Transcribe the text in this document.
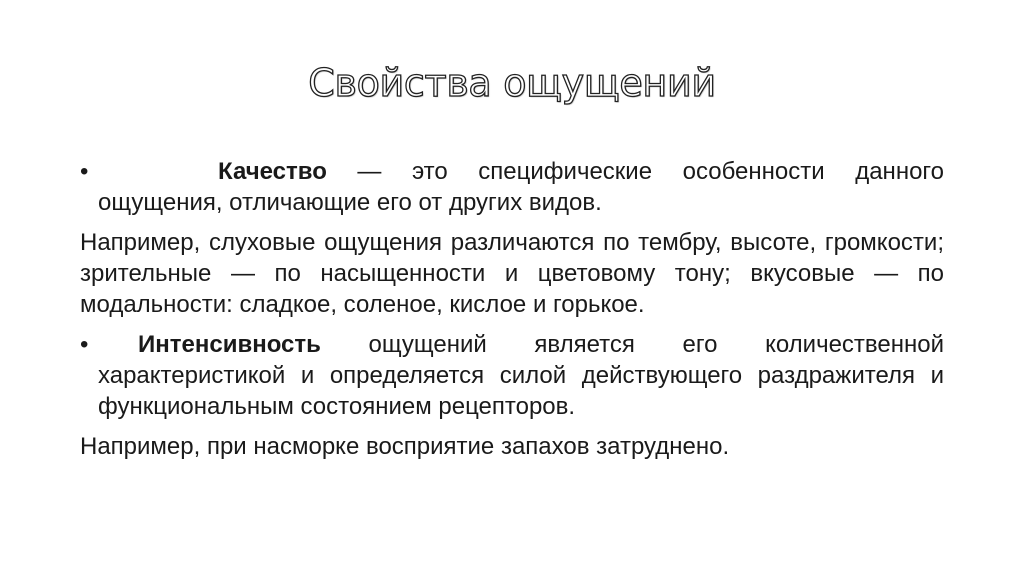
Свойства ощущений
•	Качество — это специфические особенности данного ощущения, отличающие его от других видов.
Например, слуховые ощущения различаются по тембру, высоте, громкости; зрительные — по насыщенности и цветовому тону; вкусовые — по модальности: сладкое, соленое, кислое и горькое.
•	Интенсивность ощущений является его количественной характеристикой и определяется силой действующего раздражителя и функциональным состоянием рецепторов.
Например, при насморке восприятие запахов затруднено.
